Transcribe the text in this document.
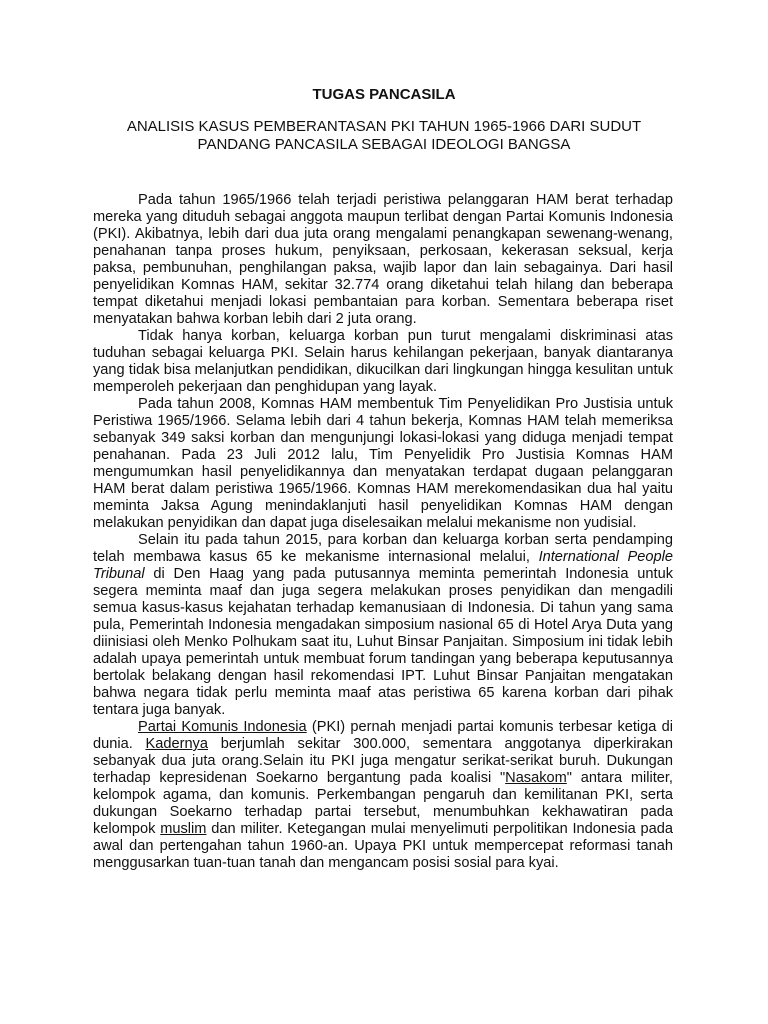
TUGAS PANCASILA
ANALISIS KASUS PEMBERANTASAN PKI TAHUN 1965-1966 DARI SUDUT PANDANG PANCASILA SEBAGAI IDEOLOGI BANGSA

Pada tahun 1965/1966 telah terjadi peristiwa pelanggaran HAM berat terhadap mereka yang dituduh sebagai anggota maupun terlibat dengan Partai Komunis Indonesia (PKI). Akibatnya, lebih dari dua juta orang mengalami penangkapan sewenang-wenang, penahanan tanpa proses hukum, penyiksaan, perkosaan, kekerasan seksual, kerja paksa, pembunuhan, penghilangan paksa, wajib lapor dan lain sebagainya. Dari hasil penyelidikan Komnas HAM, sekitar 32.774 orang diketahui telah hilang dan beberapa tempat diketahui menjadi lokasi pembantaian para korban. Sementara beberapa riset menyatakan bahwa korban lebih dari 2 juta orang.

Tidak hanya korban, keluarga korban pun turut mengalami diskriminasi atas tuduhan sebagai keluarga PKI. Selain harus kehilangan pekerjaan, banyak diantaranya yang tidak bisa melanjutkan pendidikan, dikucilkan dari lingkungan hingga kesulitan untuk memperoleh pekerjaan dan penghidupan yang layak.

Pada tahun 2008, Komnas HAM membentuk Tim Penyelidikan Pro Justisia untuk Peristiwa 1965/1966. Selama lebih dari 4 tahun bekerja, Komnas HAM telah memeriksa sebanyak 349 saksi korban dan mengunjungi lokasi-lokasi yang diduga menjadi tempat penahanan. Pada 23 Juli 2012 lalu, Tim Penyelidik Pro Justisia Komnas HAM mengumumkan hasil penyelidikannya dan menyatakan terdapat dugaan pelanggaran HAM berat dalam peristiwa 1965/1966. Komnas HAM merekomendasikan dua hal yaitu meminta Jaksa Agung menindaklanjuti hasil penyelidikan Komnas HAM dengan melakukan penyidikan dan dapat juga diselesaikan melalui mekanisme non yudisial.

Selain itu pada tahun 2015, para korban dan keluarga korban serta pendamping telah membawa kasus 65 ke mekanisme internasional melalui, International People Tribunal di Den Haag yang pada putusannya meminta pemerintah Indonesia untuk segera meminta maaf dan juga segera melakukan proses penyidikan dan mengadili semua kasus-kasus kejahatan terhadap kemanusiaan di Indonesia. Di tahun yang sama pula, Pemerintah Indonesia mengadakan simposium nasional 65 di Hotel Arya Duta yang diinisiasi oleh Menko Polhukam saat itu, Luhut Binsar Panjaitan. Simposium ini tidak lebih adalah upaya pemerintah untuk membuat forum tandingan yang beberapa keputusannya bertolak belakang dengan hasil rekomendasi IPT. Luhut Binsar Panjaitan mengatakan bahwa negara tidak perlu meminta maaf atas peristiwa 65 karena korban dari pihak tentara juga banyak.

Partai Komunis Indonesia (PKI) pernah menjadi partai komunis terbesar ketiga di dunia. Kadernya berjumlah sekitar 300.000, sementara anggotanya diperkirakan sebanyak dua juta orang.Selain itu PKI juga mengatur serikat-serikat buruh. Dukungan terhadap kepresidenan Soekarno bergantung pada koalisi "Nasakom" antara militer, kelompok agama, dan komunis. Perkembangan pengaruh dan kemilitanan PKI, serta dukungan Soekarno terhadap partai tersebut, menumbuhkan kekhawatiran pada kelompok muslim dan militer. Ketegangan mulai menyelimuti perpolitikan Indonesia pada awal dan pertengahan tahun 1960-an. Upaya PKI untuk mempercepat reformasi tanah menggusarkan tuan-tuan tanah dan mengancam posisi sosial para kyai.
